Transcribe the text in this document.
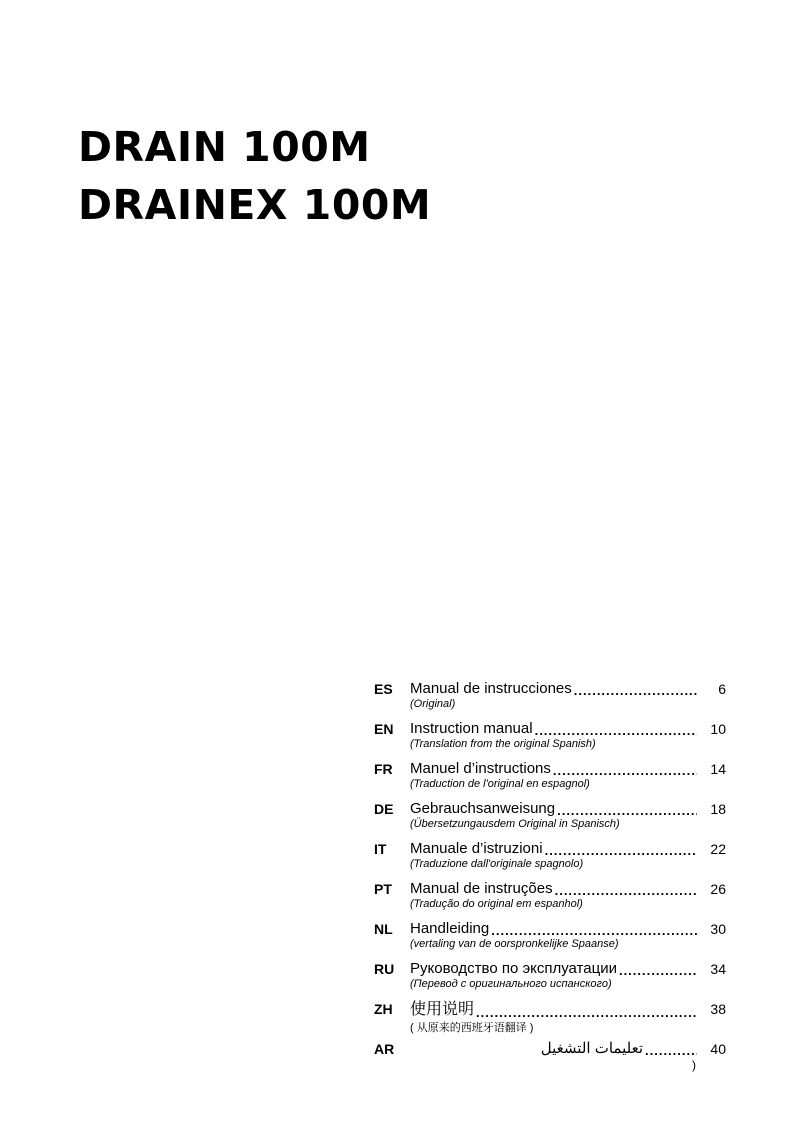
DRAIN 100M
DRAINEX 100M
ES Manual de instrucciones .....	6
(Original)
EN Instruction manual .....	10
(Translation from the original Spanish)
FR Manuel d’instructions .....	14
(Traduction de l'original en espagnol)
DE Gebrauchsanweisung .....	18
(Übersetzungausdem Original in Spanisch)
IT Manuale d’istruzioni .....	22
(Traduzione dall'originale spagnolo)
PT Manual de instruções .....	26
(Tradução do original em espanhol)
NL Handleiding .....	30
(vertaling van de oorspronkelijke Spaanse)
RU Руководство по эксплуатации .....	34
(Перевод с оригинального испанского)
ZH 使用说明 .....	38
( 从原来的西班牙语翻译 )
AR	تعليمات التشغيل .....	40
)
